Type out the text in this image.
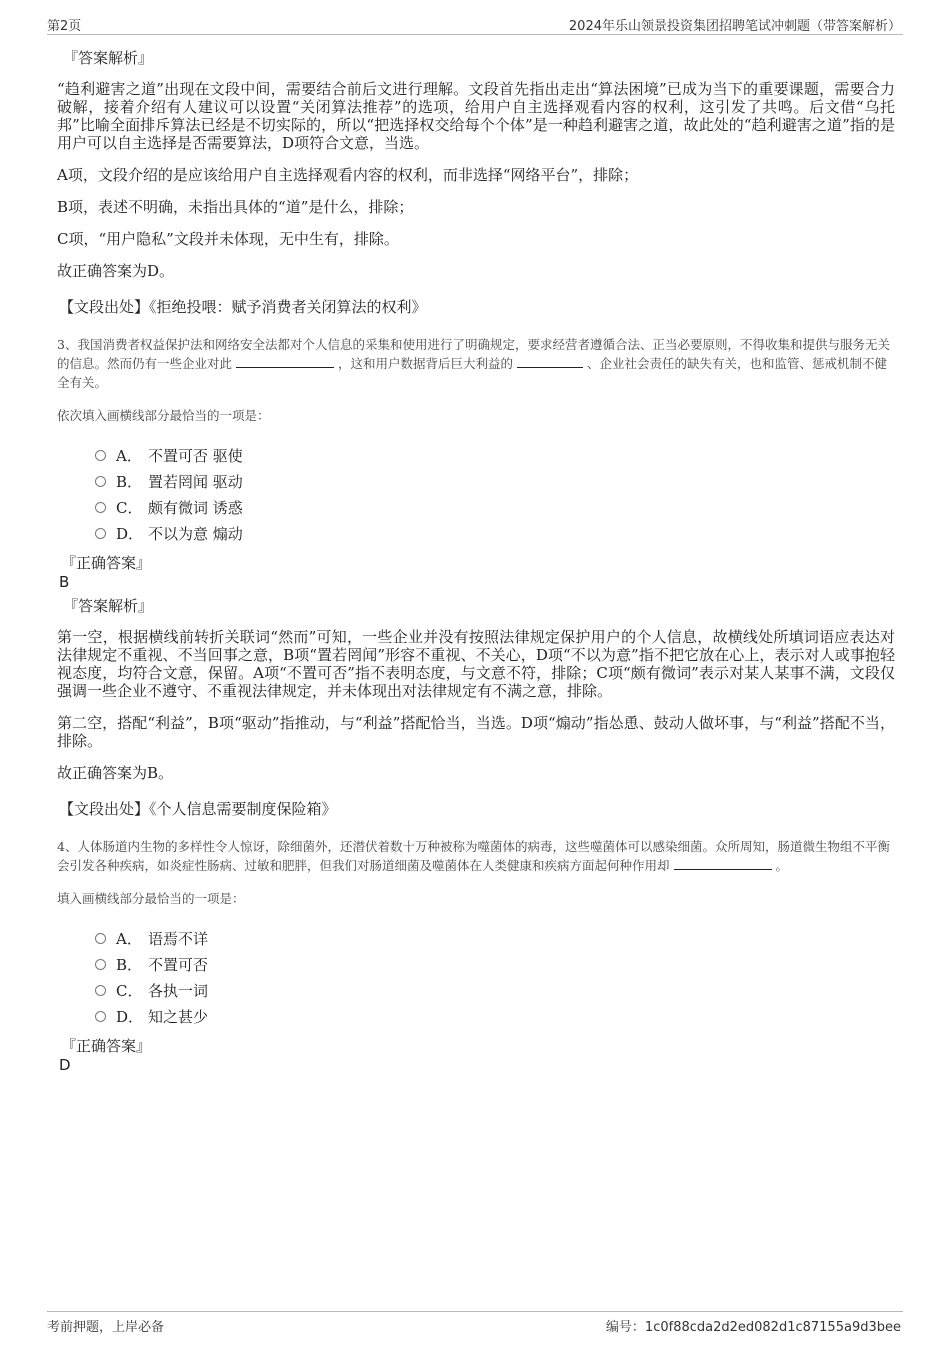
第2页	2024年乐山领景投资集团招聘笔试冲刺题（带答案解析）
『答案解析』

“趋利避害之道”出现在文段中间，需要结合前后文进行理解。文段首先指出走出“算法困境”已成为当下的重要课题，需要合力破解，接着介绍有人建议可以设置“关闭算法推荐”的选项，给用户自主选择观看内容的权利，这引发了共鸣。后文借“乌托邦”比喻全面排斥算法已经是不切实际的，所以“把选择权交给每个个体”是一种趋利避害之道，故此处的“趋利避害之道”指的是用户可以自主选择是否需要算法，D项符合文意，当选。

A项，文段介绍的是应该给用户自主选择观看内容的权利，而非选择“网络平台”，排除；

B项，表述不明确，未指出具体的“道”是什么，排除；

C项，“用户隐私”文段并未体现，无中生有，排除。

故正确答案为D。

【文段出处】《拒绝投喂：赋予消费者关闭算法的权利》

3、我国消费者权益保护法和网络安全法都对个人信息的采集和使用进行了明确规定，要求经营者遵循合法、正当必要原则，不得收集和提供与服务无关的信息。然而仍有一些企业对此	，这和用户数据背后巨大利益的	、企业社会责任的缺失有关，也和监管、惩戒机制不健全有关。

依次填入画横线部分最恰当的一项是：

A． 不置可否 驱使
B． 置若罔闻 驱动
C． 颇有微词 诱惑
D． 不以为意 煽动
『正确答案』
B
『答案解析』

第一空，根据横线前转折关联词“然而”可知，一些企业并没有按照法律规定保护用户的个人信息，故横线处所填词语应表达对法律规定不重视、不当回事之意，B项“置若罔闻”形容不重视、不关心，D项“不以为意”指不把它放在心上，表示对人或事抱轻视态度，均符合文意，保留。A项“不置可否”指不表明态度，与文意不符，排除；C项“颇有微词”表示对某人某事不满，文段仅强调一些企业不遵守、不重视法律规定，并未体现出对法律规定有不满之意，排除。

第二空，搭配“利益”，B项“驱动”指推动，与“利益”搭配恰当，当选。D项“煽动”指怂恿、鼓动人做坏事，与“利益”搭配不当，排除。

故正确答案为B。

【文段出处】《个人信息需要制度保险箱》

4、人体肠道内生物的多样性令人惊讶，除细菌外，还潜伏着数十万种被称为噬菌体的病毒，这些噬菌体可以感染细菌。众所周知，肠道微生物组不平衡会引发各种疾病，如炎症性肠病、过敏和肥胖，但我们对肠道细菌及噬菌体在人类健康和疾病方面起何种作用却	。

填入画横线部分最恰当的一项是：

A． 语焉不详
B． 不置可否
C． 各执一词
D． 知之甚少
『正确答案』
D
考前押题，上岸必备	编号：1c0f88cda2d2ed082d1c87155a9d3bee
